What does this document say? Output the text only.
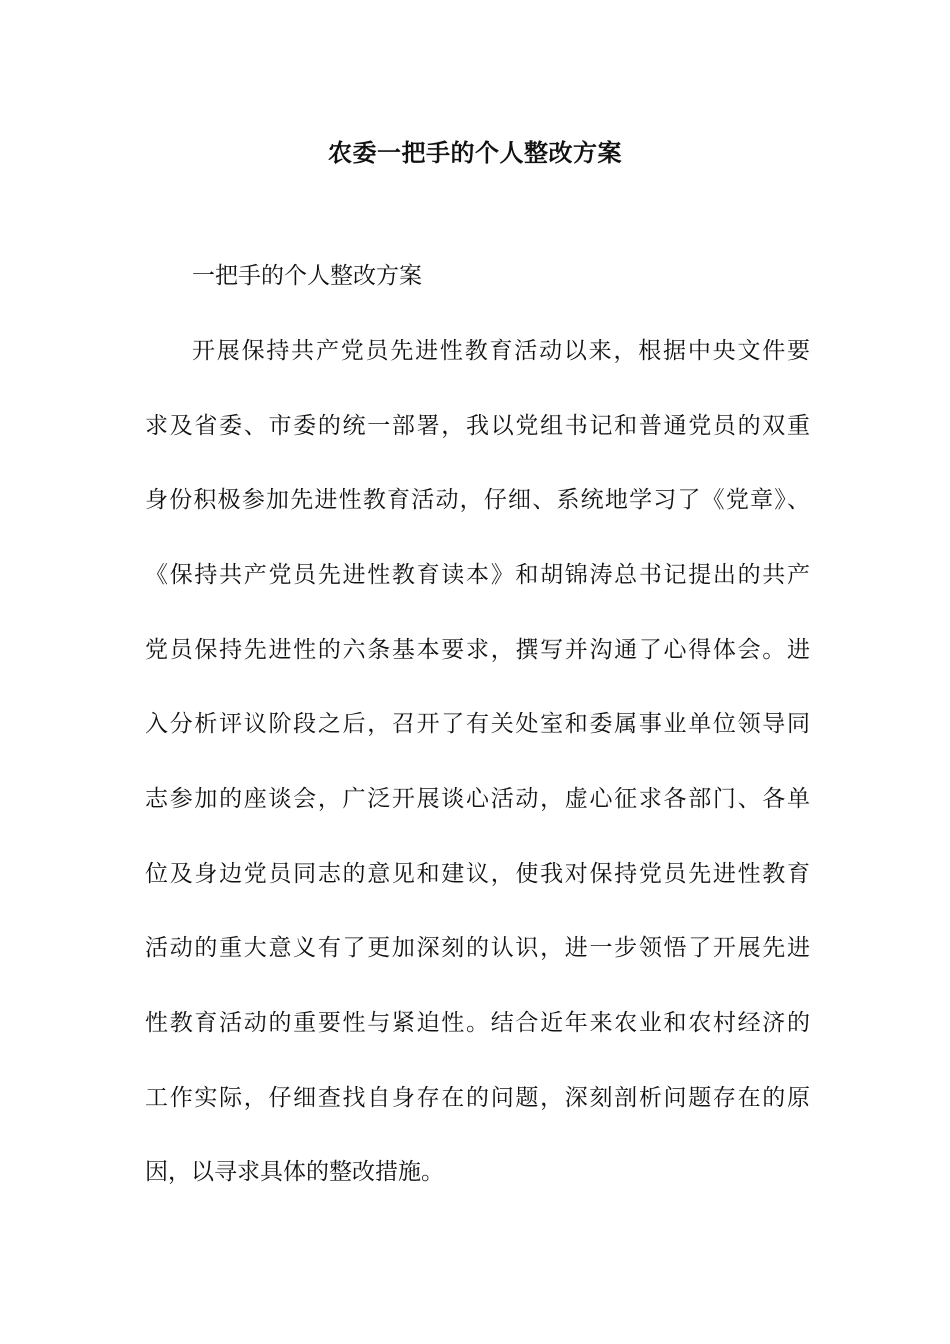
农委一把手的个人整改方案
一把手的个人整改方案
开展保持共产党员先进性教育活动以来，根据中央文件要
求及省委、市委的统一部署，我以党组书记和普通党员的双重
身份积极参加先进性教育活动，仔细、系统地学习了《党章》、
《保持共产党员先进性教育读本》和胡锦涛总书记提出的共产
党员保持先进性的六条基本要求，撰写并沟通了心得体会。进
入分析评议阶段之后，召开了有关处室和委属事业单位领导同
志参加的座谈会，广泛开展谈心活动，虚心征求各部门、各单
位及身边党员同志的意见和建议，使我对保持党员先进性教育
活动的重大意义有了更加深刻的认识，进一步领悟了开展先进
性教育活动的重要性与紧迫性。结合近年来农业和农村经济的
工作实际，仔细查找自身存在的问题，深刻剖析问题存在的原
因，以寻求具体的整改措施。
